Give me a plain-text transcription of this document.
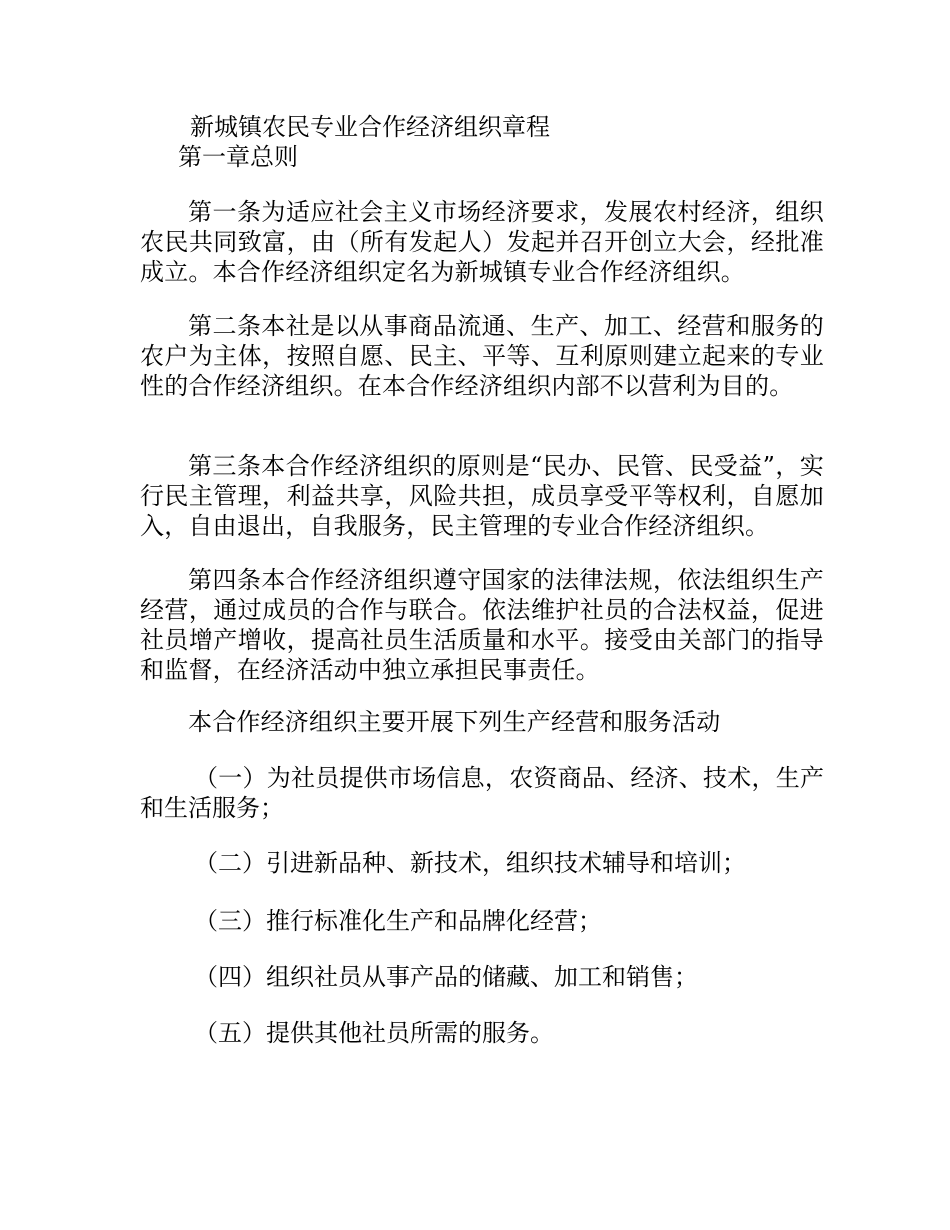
新城镇农民专业合作经济组织章程
第一章总则

第一条为适应社会主义市场经济要求，发展农村经济，组织农民共同致富，由（所有发起人）发起并召开创立大会，经批准成立。本合作经济组织定名为新城镇专业合作经济组织。

第二条本社是以从事商品流通、生产、加工、经营和服务的农户为主体，按照自愿、民主、平等、互利原则建立起来的专业性的合作经济组织。在本合作经济组织内部不以营利为目的。

第三条本合作经济组织的原则是“民办、民管、民受益”，实行民主管理，利益共享，风险共担，成员享受平等权利，自愿加入，自由退出，自我服务，民主管理的专业合作经济组织。

第四条本合作经济组织遵守国家的法律法规，依法组织生产经营，通过成员的合作与联合。依法维护社员的合法权益，促进社员增产增收，提高社员生活质量和水平。接受由关部门的指导和监督，在经济活动中独立承担民事责任。

本合作经济组织主要开展下列生产经营和服务活动

（一）为社员提供市场信息，农资商品、经济、技术，生产和生活服务；

（二）引进新品种、新技术，组织技术辅导和培训；

（三）推行标准化生产和品牌化经营；

（四）组织社员从事产品的储藏、加工和销售；

（五）提供其他社员所需的服务。
